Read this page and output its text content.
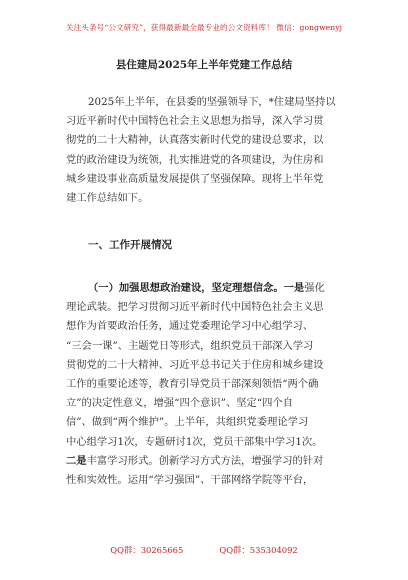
关注头条号“公文研究”，获得最新最全最专业的公文资料库！ 微信：gongwenyj
县住建局2025年上半年党建工作总结
2025年上半年，在县委的坚强领导下，*住建局坚持以
习近平新时代中国特色社会主义思想为指导，深入学习贯
彻党的二十大精神，认真落实新时代党的建设总要求，以
党的政治建设为统领，扎实推进党的各项建设，为住房和
城乡建设事业高质量发展提供了坚强保障。现将上半年党
建工作总结如下。
一、工作开展情况
（一）加强思想政治建设，坚定理想信念。一是强化
理论武装。把学习贯彻习近平新时代中国特色社会主义思
想作为首要政治任务，通过党委理论学习中心组学习、
“三会一课”、主题党日等形式，组织党员干部深入学习
贯彻党的二十大精神、习近平总书记关于住房和城乡建设
工作的重要论述等，教育引导党员干部深刻领悟“两个确
立”的决定性意义，增强“四个意识”、坚定“四个自
信”、做到“两个维护”。上半年，共组织党委理论学习
中心组学习1次，专题研讨1次，党员干部集中学习1次。
二是丰富学习形式。创新学习方式方法，增强学习的针对
性和实效性。运用“学习强国”、干部网络学院等平台，
QQ群：30265665	QQ群：535304092
